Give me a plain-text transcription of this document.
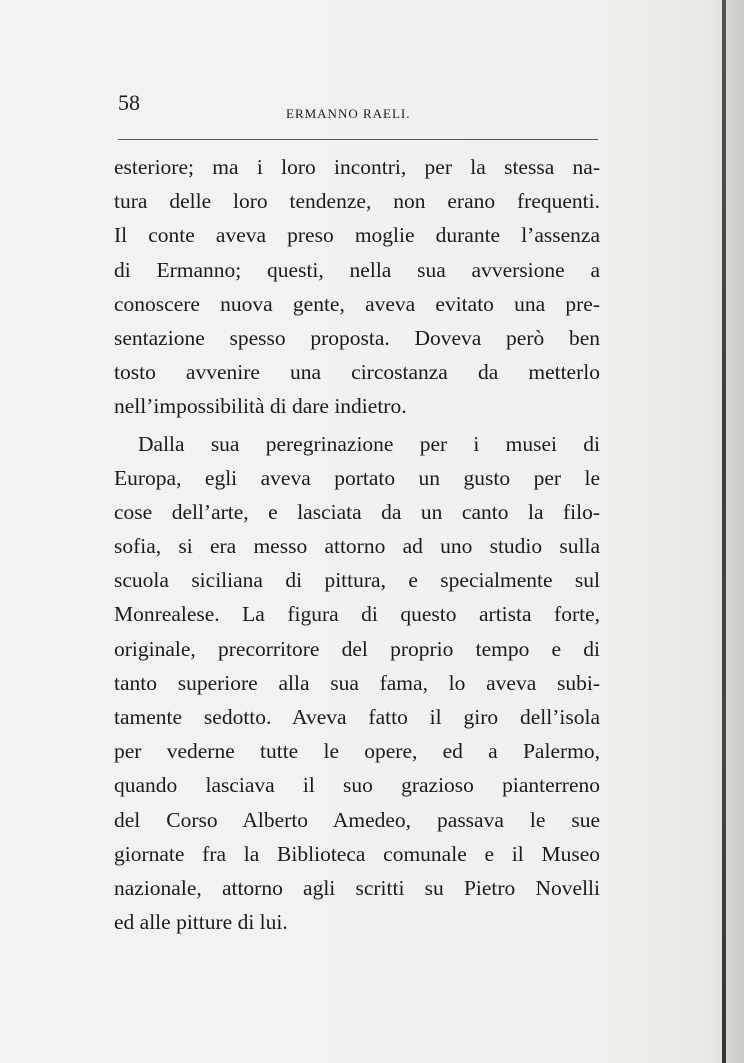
58	ERMANNO RAELI.
esteriore; ma i loro incontri, per la stessa na-
tura delle loro tendenze, non erano frequenti.
Il conte aveva preso moglie durante l’assenza
di Ermanno; questi, nella sua avversione a
conoscere nuova gente, aveva evitato una pre-
sentazione spesso proposta. Doveva però ben
tosto avvenire una circostanza da metterlo
nell’impossibilità di dare indietro.
Dalla sua peregrinazione per i musei di
Europa, egli aveva portato un gusto per le
cose dell’arte, e lasciata da un canto la filo-
sofia, si era messo attorno ad uno studio sulla
scuola siciliana di pittura, e specialmente sul
Monrealese. La figura di questo artista forte,
originale, precorritore del proprio tempo e di
tanto superiore alla sua fama, lo aveva subi-
tamente sedotto. Aveva fatto il giro dell’isola
per vederne tutte le opere, ed a Palermo,
quando lasciava il suo grazioso pianterreno
del Corso Alberto Amedeo, passava le sue
giornate fra la Biblioteca comunale e il Museo
nazionale, attorno agli scritti su Pietro Novelli
ed alle pitture di lui.
